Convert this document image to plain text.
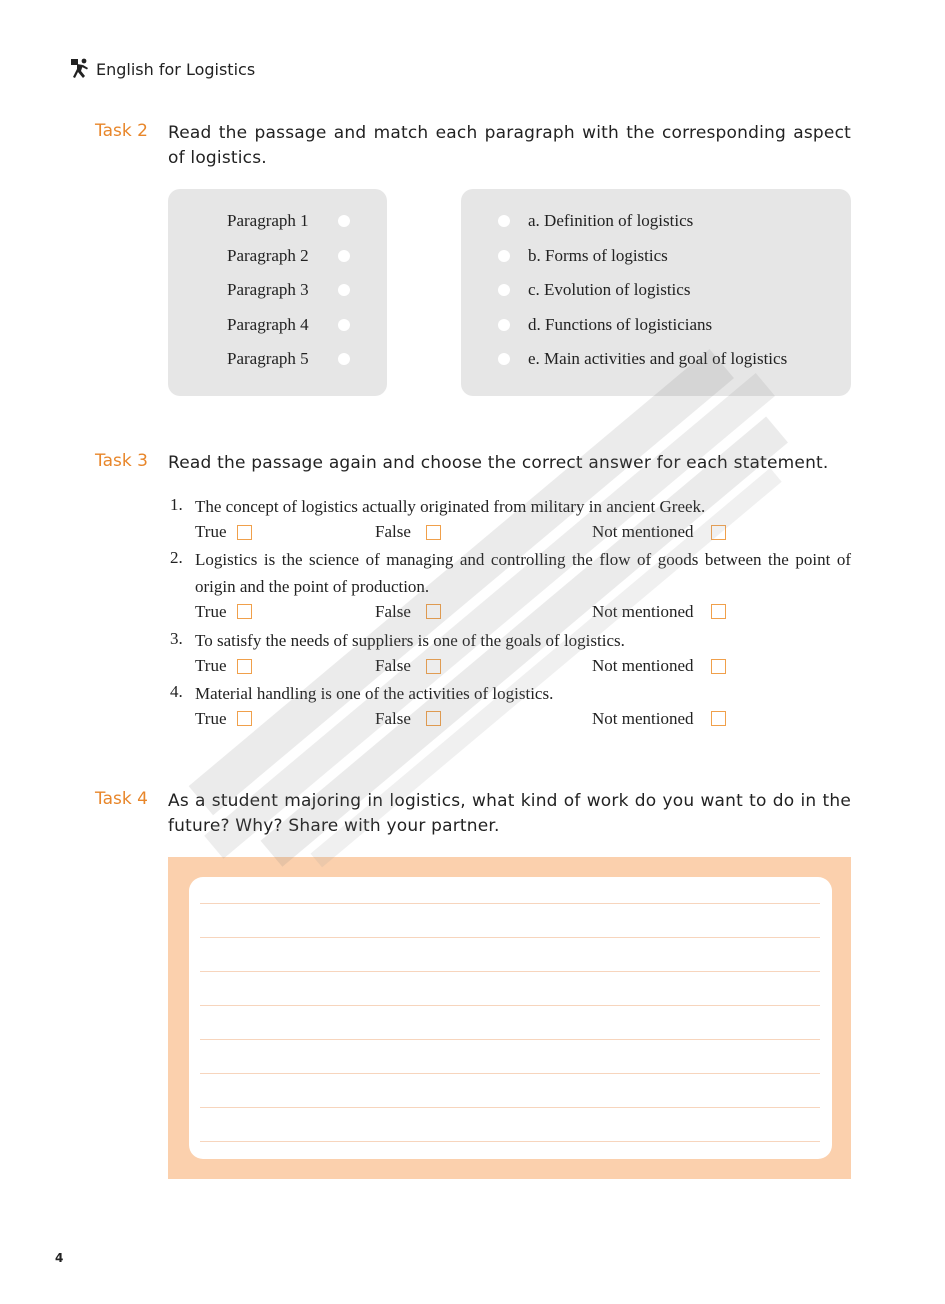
English for Logistics
Task 2 Read the passage and match each paragraph with the corresponding aspect of logistics.
Paragraph 1
Paragraph 2
Paragraph 3
Paragraph 4
Paragraph 5
a. Definition of logistics
b. Forms of logistics
c. Evolution of logistics
d. Functions of logisticians
e. Main activities and goal of logistics
Task 3 Read the passage again and choose the correct answer for each statement.
1. The concept of logistics actually originated from military in ancient Greek.
True	False	Not mentioned
2. Logistics is the science of managing and controlling the flow of goods between the point of origin and the point of production.
True	False	Not mentioned
3. To satisfy the needs of suppliers is one of the goals of logistics.
True	False	Not mentioned
4. Material handling is one of the activities of logistics.
True	False	Not mentioned
Task 4 As a student majoring in logistics, what kind of work do you want to do in the future? Why? Share with your partner.
4
